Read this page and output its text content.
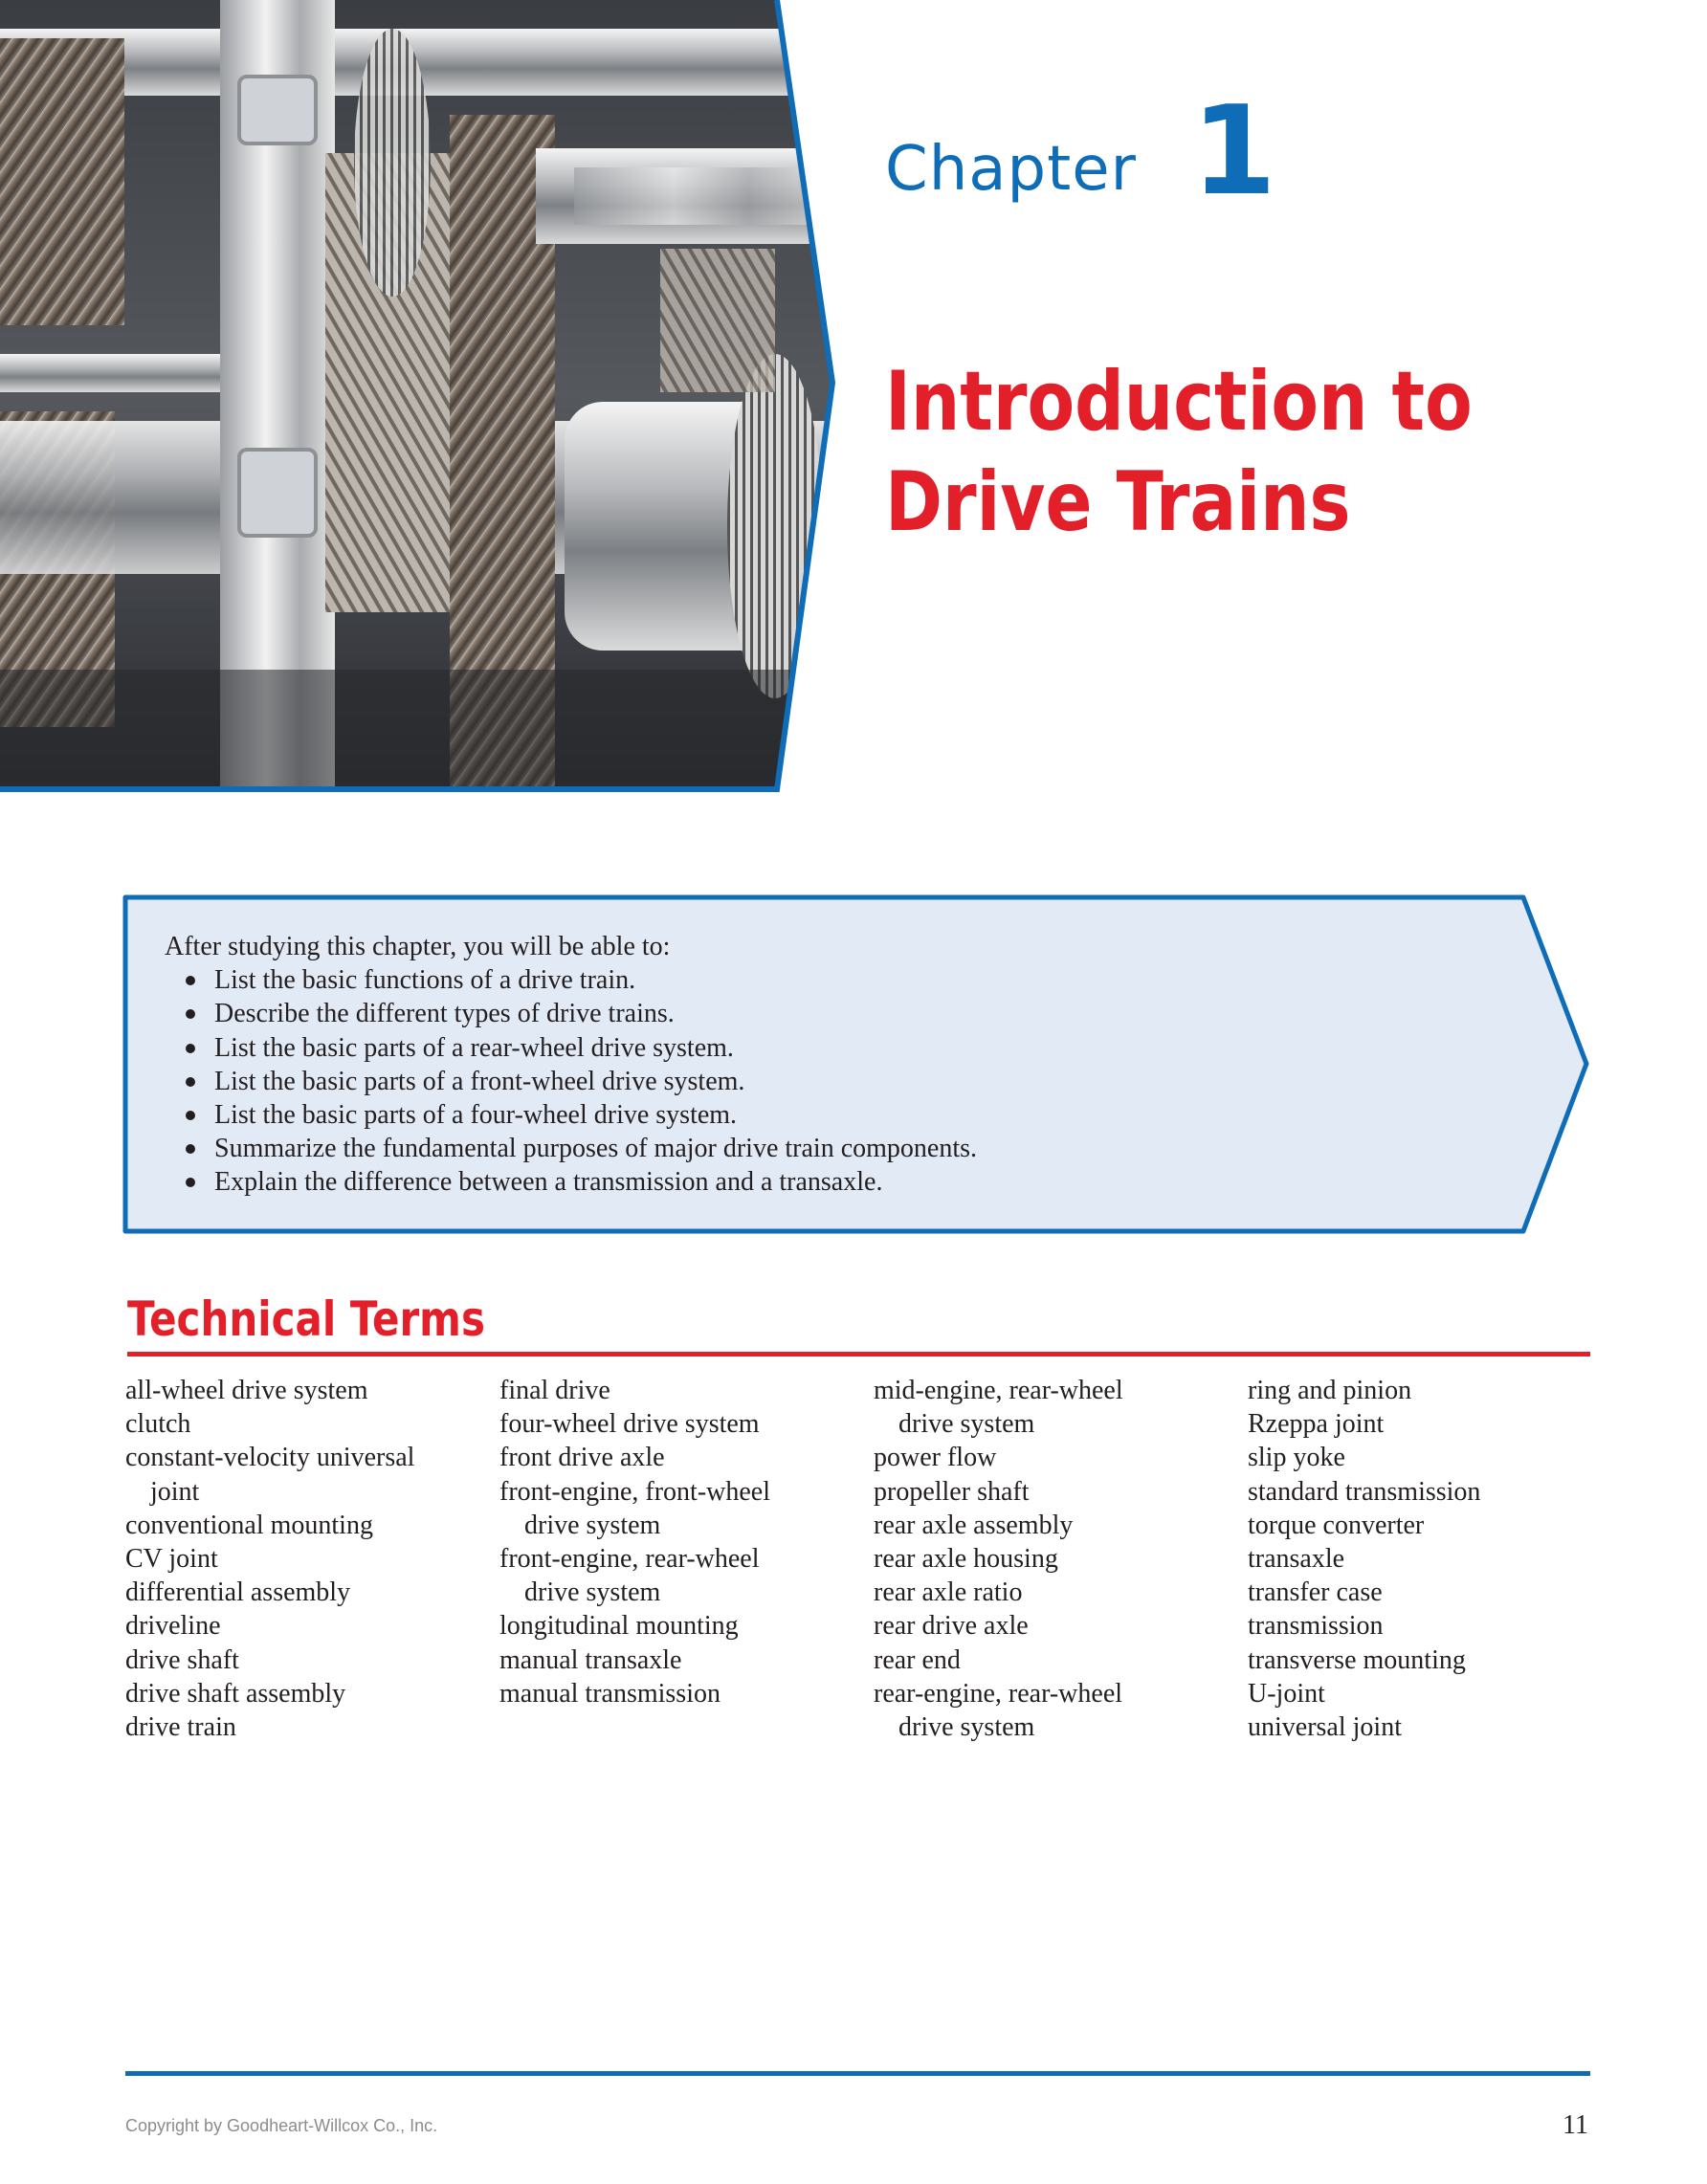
Chapter 1
Introduction to
Drive Trains
After studying this chapter, you will be able to:
List the basic functions of a drive train.
Describe the different types of drive trains.
List the basic parts of a rear-wheel drive system.
List the basic parts of a front-wheel drive system.
List the basic parts of a four-wheel drive system.
Summarize the fundamental purposes of major drive train components.
Explain the difference between a transmission and a transaxle.
Technical Terms
all-wheel drive system
clutch
constant-velocity universal
joint
conventional mounting
CV joint
differential assembly
driveline
drive shaft
drive shaft assembly
drive train
final drive
four-wheel drive system
front drive axle
front-engine, front-wheel
drive system
front-engine, rear-wheel
drive system
longitudinal mounting
manual transaxle
manual transmission
mid-engine, rear-wheel
drive system
power flow
propeller shaft
rear axle assembly
rear axle housing
rear axle ratio
rear drive axle
rear end
rear-engine, rear-wheel
drive system
ring and pinion
Rzeppa joint
slip yoke
standard transmission
torque converter
transaxle
transfer case
transmission
transverse mounting
U-joint
universal joint
Copyright by Goodheart-Willcox Co., Inc.	11
